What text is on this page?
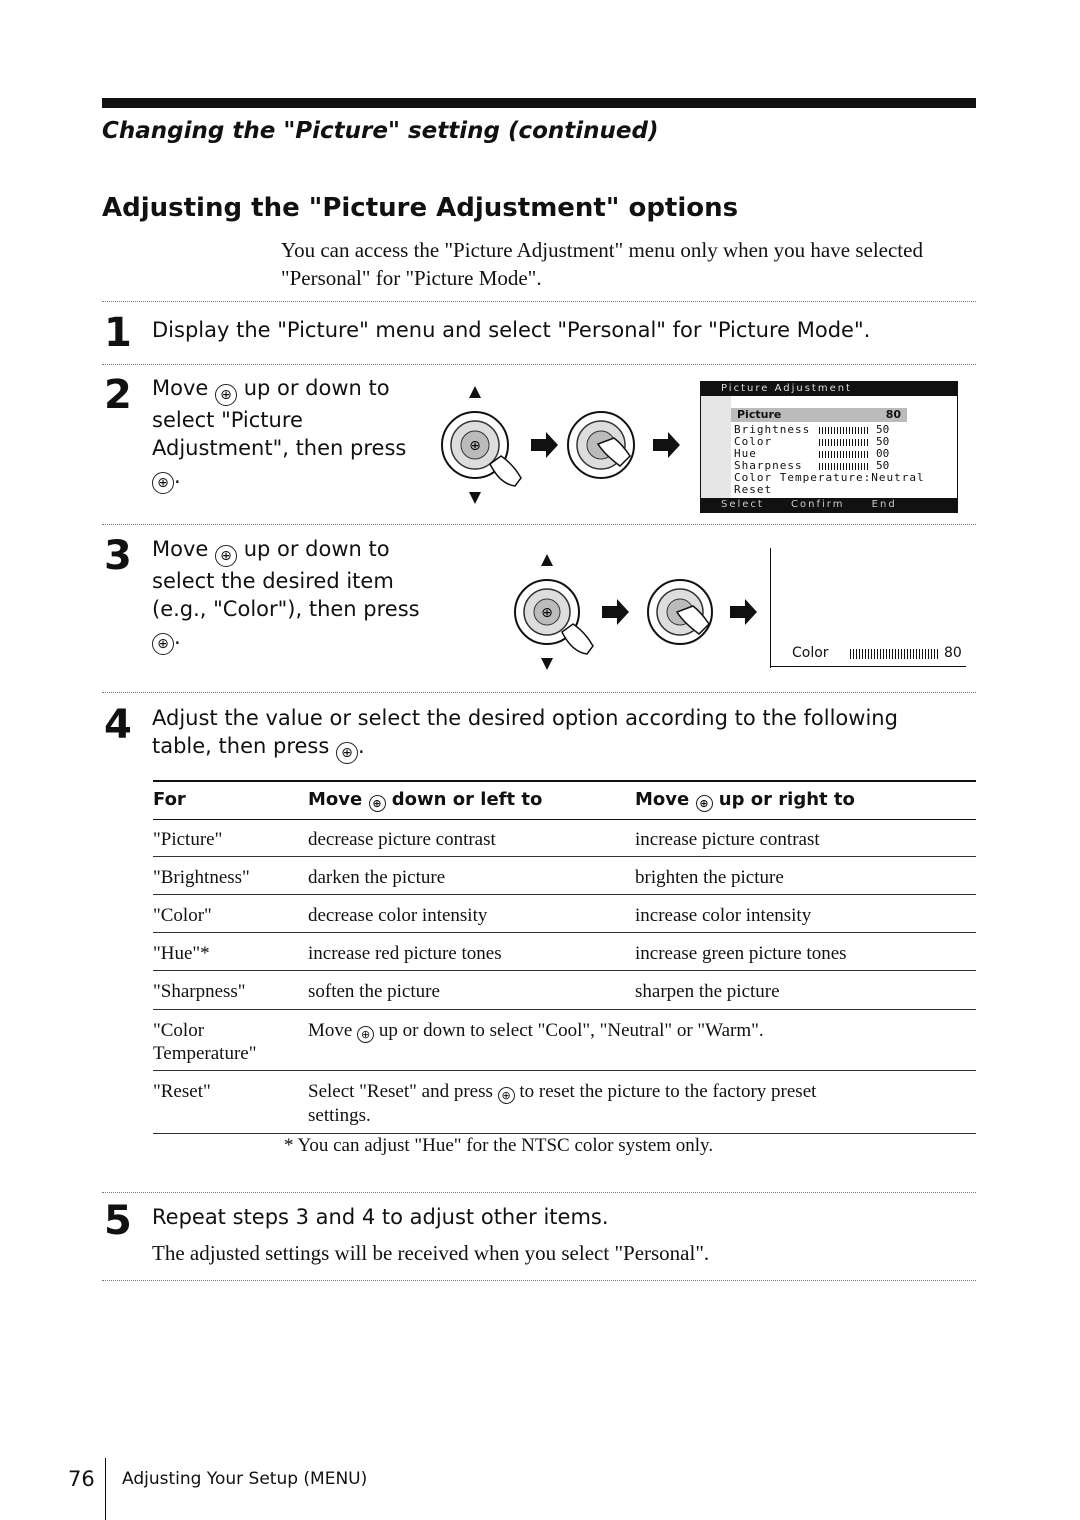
Changing the "Picture" setting (continued)
Adjusting the "Picture Adjustment" options
You can access the "Picture Adjustment" menu only when you have selected "Personal" for "Picture Mode".
1 Display the "Picture" menu and select "Personal" for "Picture Mode".
2 Move ⊕ up or down to
select "Picture
Adjustment", then press
⊕ .
⊕
Picture Adjustment
Picture	80
Brightness	50
Color	50
Hue	00
Sharpness	50
Color Temperature:Neutral
Reset
Select	Confirm	End
3 Move ⊕ up or down to
select the desired item
(e.g., "Color"), then press
⊕ .
⊕
Color	80
4 Adjust the value or select the desired option according to the following
table, then press ⊕ .
For	Move ⊕ down or left to	Move ⊕ up or right to
"Picture"	decrease picture contrast	increase picture contrast
"Brightness"	darken the picture	brighten the picture
"Color"	decrease color intensity	increase color intensity
"Hue"*	increase red picture tones	increase green picture tones
"Sharpness"	soften the picture	sharpen the picture
"Color
Temperature"
Move ⊕ up or down to select "Cool", "Neutral" or "Warm".
"Reset"	Select "Reset" and press ⊕ to reset the picture to the factory preset
settings.
* You can adjust "Hue" for the NTSC color system only.
5 Repeat steps 3 and 4 to adjust other items.
The adjusted settings will be received when you select "Personal".
76 Adjusting Your Setup (MENU)
